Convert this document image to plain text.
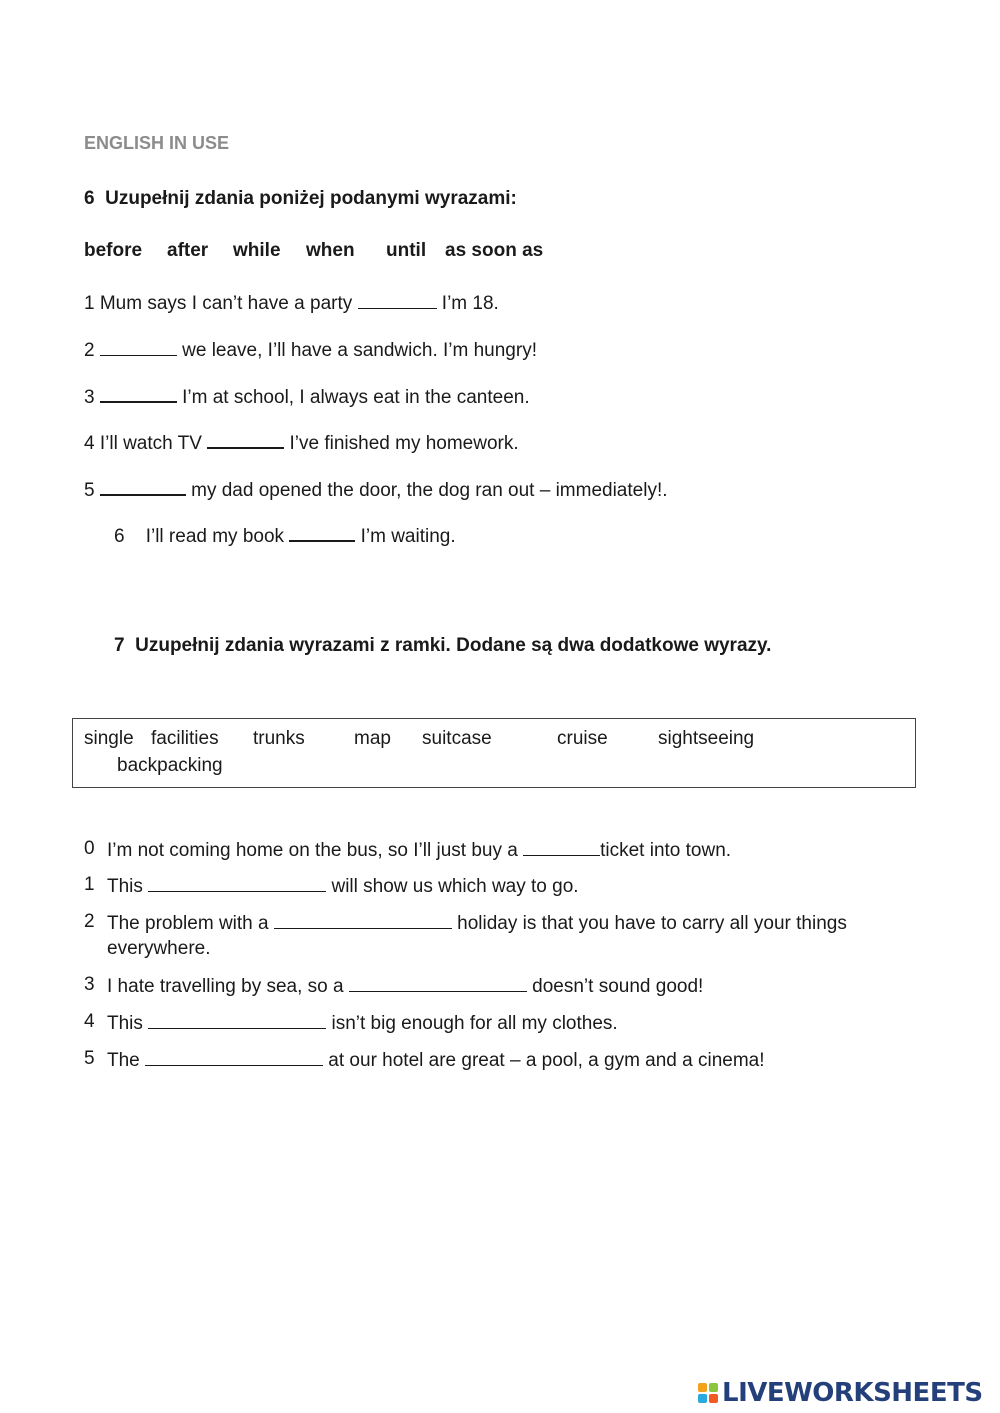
ENGLISH IN USE
6  Uzupełnij zdania poniżej podanymi wyrazami:
before after while when until as soon as
1 Mum says I can’t have a party	I’m 18.
2	we leave, I’ll have a sandwich. I’m hungry!
3	I’m at school, I always eat in the canteen.
4 I’ll watch TV	I’ve finished my homework.
5	my dad opened the door, the dog ran out – immediately!.
6 I’ll read my book	I’m waiting.
7  Uzupełnij zdania wyrazami z ramki. Dodane są dwa dodatkowe wyrazy.
single facilities trunks	map suitcase	cruise	sightseeing
backpacking
0 I’m not coming home on the bus, so I’ll just buy a	ticket into town.
1 This	will show us which way to go.
2 The problem with a	holiday is that you have to carry all your things
everywhere.
3 I hate travelling by sea, so a	doesn’t sound good!
4 This	isn’t big enough for all my clothes.
5 The	at our hotel are great – a pool, a gym and a cinema!
LIVEWORKSHEETS
